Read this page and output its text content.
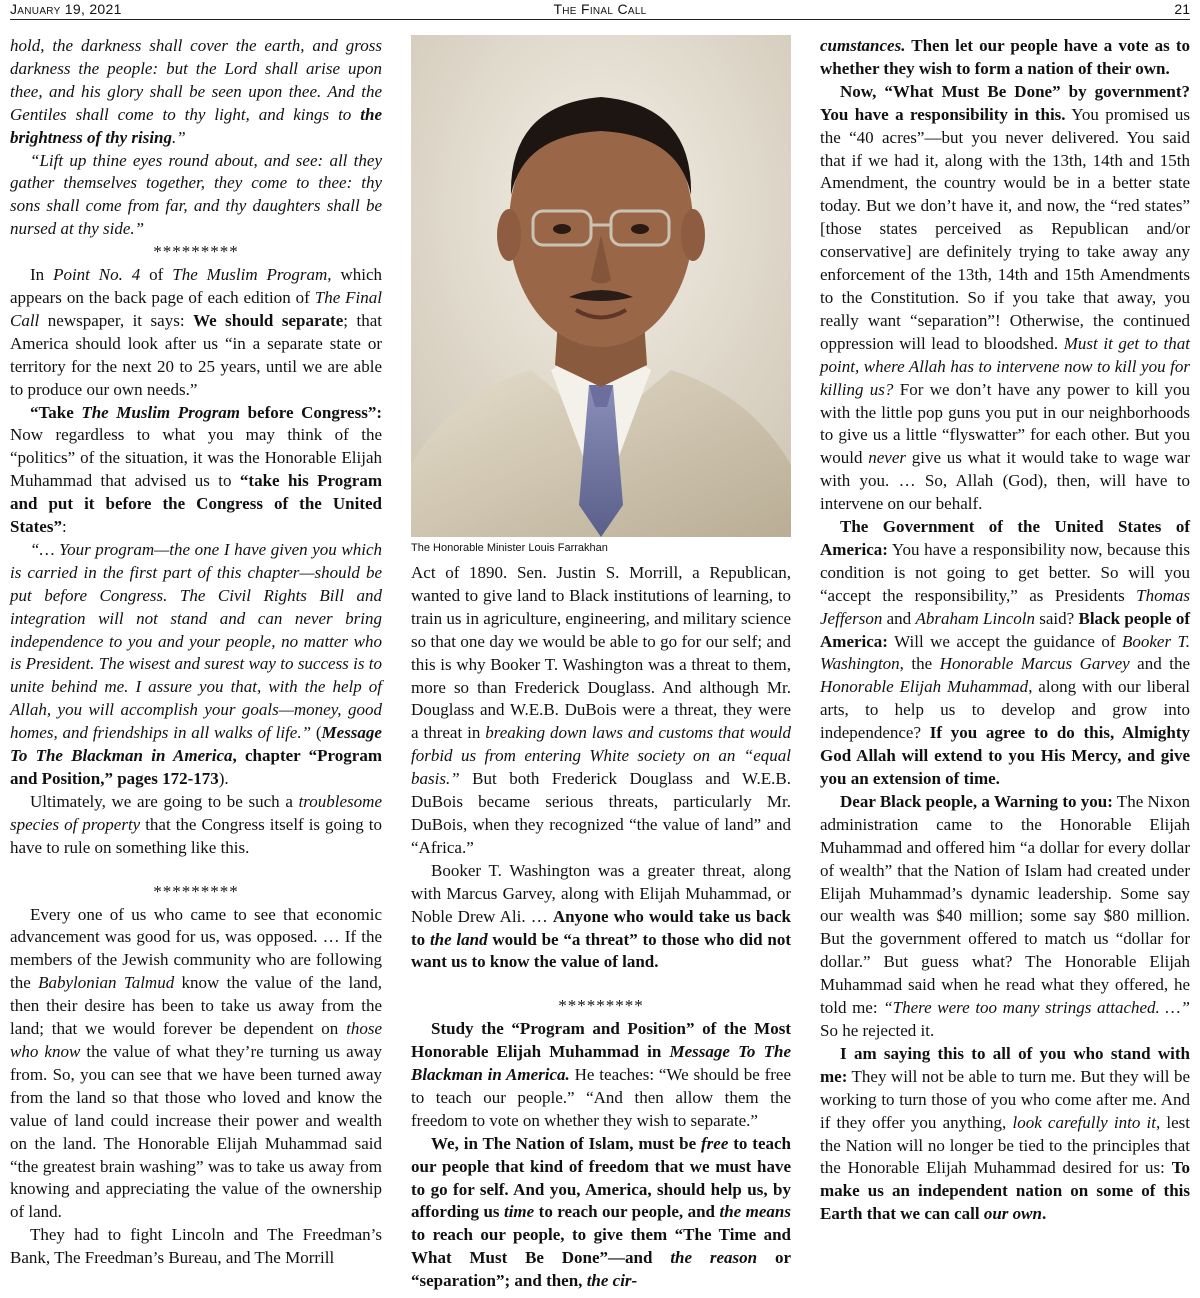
January 19, 2021	The Final Call	21

hold, the darkness shall cover the earth, and gross darkness the people: but the Lord shall arise upon thee, and his glory shall be seen upon thee. And the Gentiles shall come to thy light, and kings to the brightness of thy rising.”

“Lift up thine eyes round about, and see: all they gather themselves together, they come to thee: thy sons shall come from far, and thy daughters shall be nursed at thy side.”

*********

In Point No. 4 of The Muslim Program, which appears on the back page of each edition of The Final Call newspaper, it says: We should separate; that America should look after us “in a separate state or territory for the next 20 to 25 years, until we are able to produce our own needs.”

“Take The Muslim Program before Congress”: Now regardless to what you may think of the “politics” of the situation, it was the Honorable Elijah Muhammad that advised us to “take his Program and put it before the Congress of the United States”:

“… Your program—the one I have given you which is carried in the first part of this chapter—should be put before Congress. The Civil Rights Bill and integration will not stand and can never bring independence to you and your people, no matter who is President. The wisest and surest way to success is to unite behind me. I assure you that, with the help of Allah, you will accomplish your goals—money, good homes, and friendships in all walks of life.” (Message To The Blackman in America, chapter “Program and Position,” pages 172-173).

Ultimately, we are going to be such a troublesome species of property that the Congress itself is going to have to rule on something like this.

*********

Every one of us who came to see that economic advancement was good for us, was opposed. … If the members of the Jewish community who are following the Babylonian Talmud know the value of the land, then their desire has been to take us away from the land; that we would forever be dependent on those who know the value of what they’re turning us away from. So, you can see that we have been turned away from the land so that those who loved and know the value of land could increase their power and wealth on the land. The Honorable Elijah Muhammad said “the greatest brain washing” was to take us away from knowing and appreciating the value of the ownership of land.

They had to fight Lincoln and The Freedman’s Bank, The Freedman’s Bureau, and The Morrill

The Honorable Minister Louis Farrakhan

Act of 1890. Sen. Justin S. Morrill, a Republican, wanted to give land to Black institutions of learning, to train us in agriculture, engineering, and military science so that one day we would be able to go for our self; and this is why Booker T. Washington was a threat to them, more so than Frederick Douglass. And although Mr. Douglass and W.E.B. DuBois were a threat, they were a threat in breaking down laws and customs that would forbid us from entering White society on an “equal basis.” But both Frederick Douglass and W.E.B. DuBois became serious threats, particularly Mr. DuBois, when they recognized “the value of land” and “Africa.”

Booker T. Washington was a greater threat, along with Marcus Garvey, along with Elijah Muhammad, or Noble Drew Ali. … Anyone who would take us back to the land would be “a threat” to those who did not want us to know the value of land.

*********

Study the “Program and Position” of the Most Honorable Elijah Muhammad in Message To The Blackman in America. He teaches: “We should be free to teach our people.” “And then allow them the freedom to vote on whether they wish to separate.”

We, in The Nation of Islam, must be free to teach our people that kind of freedom that we must have to go for self. And you, America, should help us, by affording us time to reach our people, and the means to reach our people, to give them “The Time and What Must Be Done”—and the reason or “separation”; and then, the cir-

cumstances. Then let our people have a vote as to whether they wish to form a nation of their own.

Now, “What Must Be Done” by government? You have a responsibility in this. You promised us the “40 acres”—but you never delivered. You said that if we had it, along with the 13th, 14th and 15th Amendment, the country would be in a better state today. But we don’t have it, and now, the “red states” [those states perceived as Republican and/or conservative] are definitely trying to take away any enforcement of the 13th, 14th and 15th Amendments to the Constitution. So if you take that away, you really want “separation”! Otherwise, the continued oppression will lead to bloodshed. Must it get to that point, where Allah has to intervene now to kill you for killing us? For we don’t have any power to kill you with the little pop guns you put in our neighborhoods to give us a little “flyswatter” for each other. But you would never give us what it would take to wage war with you. … So, Allah (God), then, will have to intervene on our behalf.

The Government of the United States of America: You have a responsibility now, because this condition is not going to get better. So will you “accept the responsibility,” as Presidents Thomas Jefferson and Abraham Lincoln said? Black people of America: Will we accept the guidance of Booker T. Washington, the Honorable Marcus Garvey and the Honorable Elijah Muhammad, along with our liberal arts, to help us to develop and grow into independence? If you agree to do this, Almighty God Allah will extend to you His Mercy, and give you an extension of time.

Dear Black people, a Warning to you: The Nixon administration came to the Honorable Elijah Muhammad and offered him “a dollar for every dollar of wealth” that the Nation of Islam had created under Elijah Muhammad’s dynamic leadership. Some say our wealth was $40 million; some say $80 million. But the government offered to match us “dollar for dollar.” But guess what? The Honorable Elijah Muhammad said when he read what they offered, he told me: “There were too many strings attached. …” So he rejected it.

I am saying this to all of you who stand with me: They will not be able to turn me. But they will be working to turn those of you who come after me. And if they offer you anything, look carefully into it, lest the Nation will no longer be tied to the principles that the Honorable Elijah Muhammad desired for us: To make us an independent nation on some of this Earth that we can call our own.
